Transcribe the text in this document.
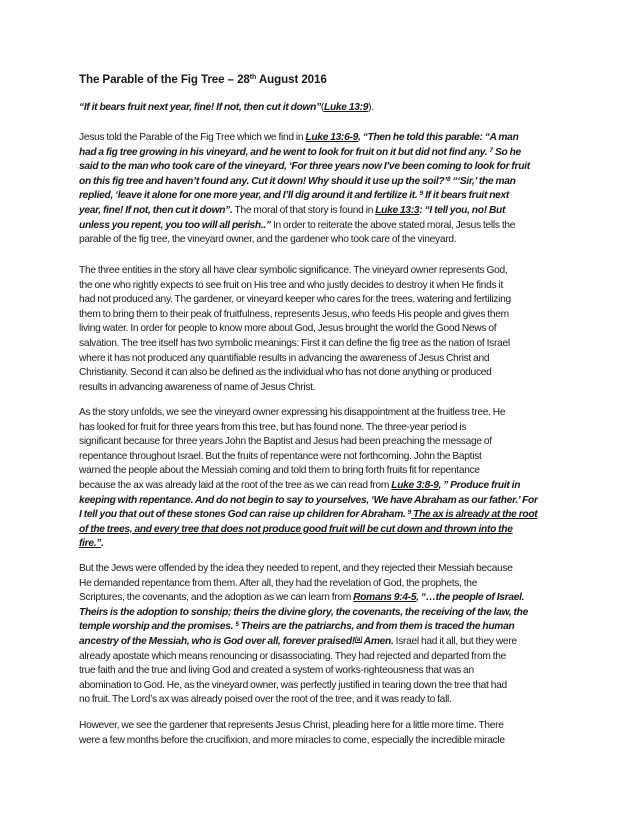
The Parable of the Fig Tree – 28th August 2016
“If it bears fruit next year, fine! If not, then cut it down”(Luke 13:9).
Jesus told the Parable of the Fig Tree which we find in Luke 13:6-9, “Then he told this parable: “A man
had a fig tree growing in his vineyard, and he went to look for fruit on it but did not find any. $^7$ So he
said to the man who took care of the vineyard, ‘For three years now I’ve been coming to look for fruit
on this fig tree and haven’t found any. Cut it down! Why should it use up the soil?’$^8$ “‘Sir,’ the man
replied, ‘leave it alone for one more year, and I’ll dig around it and fertilize it. $^9$ If it bears fruit next
year, fine! If not, then cut it down”. The moral of that story is found in Luke 13:3: “I tell you, no! But
unless you repent, you too will all perish..” In order to reiterate the above stated moral, Jesus tells the
parable of the fig tree, the vineyard owner, and the gardener who took care of the vineyard.
The three entities in the story all have clear symbolic significance. The vineyard owner represents God,
the one who rightly expects to see fruit on His tree and who justly decides to destroy it when He finds it
had not produced any. The gardener, or vineyard keeper who cares for the trees, watering and fertilizing
them to bring them to their peak of fruitfulness, represents Jesus, who feeds His people and gives them
living water. In order for people to know more about God, Jesus brought the world the Good News of
salvation. The tree itself has two symbolic meanings: First it can define the fig tree as the nation of Israel
where it has not produced any quantifiable results in advancing the awareness of Jesus Christ and
Christianity. Second it can also be defined as the individual who has not done anything or produced
results in advancing awareness of name of Jesus Christ.
As the story unfolds, we see the vineyard owner expressing his disappointment at the fruitless tree. He
has looked for fruit for three years from this tree, but has found none. The three-year period is
significant because for three years John the Baptist and Jesus had been preaching the message of
repentance throughout Israel. But the fruits of repentance were not forthcoming. John the Baptist
warned the people about the Messiah coming and told them to bring forth fruits fit for repentance
because the ax was already laid at the root of the tree as we can read from Luke 3:8-9, ” Produce fruit in
keeping with repentance. And do not begin to say to yourselves, ‘We have Abraham as our father.’ For
I tell you that out of these stones God can raise up children for Abraham. $^9$ The ax is already at the root
of the trees, and every tree that does not produce good fruit will be cut down and thrown into the
fire.”.
But the Jews were offended by the idea they needed to repent, and they rejected their Messiah because
He demanded repentance from them. After all, they had the revelation of God, the prophets, the
Scriptures, the covenants, and the adoption as we can learn from Romans 9:4-5, “…the people of Israel.
Theirs is the adoption to sonship; theirs the divine glory, the covenants, the receiving of the law, the
temple worship and the promises. $^5$ Theirs are the patriarchs, and from them is traced the human
ancestry of the Messiah, who is God over all, forever praised![a] Amen. Israel had it all, but they were
already apostate which means renouncing or disassociating. They had rejected and departed from the
true faith and the true and living God and created a system of works-righteousness that was an
abomination to God. He, as the vineyard owner, was perfectly justified in tearing down the tree that had
no fruit. The Lord’s ax was already poised over the root of the tree, and it was ready to fall.
However, we see the gardener that represents Jesus Christ, pleading here for a little more time. There
were a few months before the crucifixion, and more miracles to come, especially the incredible miracle
